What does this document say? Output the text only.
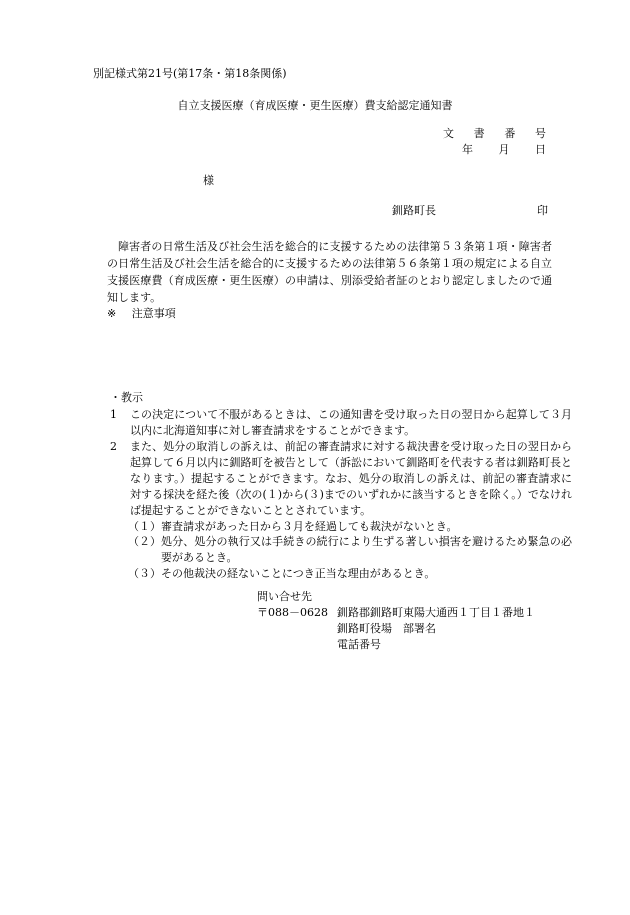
別記様式第21号(第17条・第18条関係)
自立支援医療（育成医療・更生医療）費支給認定通知書
文 書 番 号
年 月 日
様
釧路町長	印

障害者の日常生活及び社会生活を総合的に支援するための法律第５３条第１項・障害者の日常生活及び社会生活を総合的に支援するための法律第５６条第１項の規定による自立支援医療費（育成医療・更生医療）の申請は、別添受給者証のとおり認定しましたので通知します。

※ 注意事項
・教示
1	この決定について不服があるときは、この通知書を受け取った日の翌日から起算して３月以内に北海道知事に対し審査請求をすることができます。
2	また、処分の取消しの訴えは、前記の審査請求に対する裁決書を受け取った日の翌日から起算して６月以内に釧路町を被告として（訴訟において釧路町を代表する者は釧路町長となります。）提起することができます。なお、処分の取消しの訴えは、前記の審査請求に対する採決を経た後（次の(１)から(３)までのいずれかに該当するときを除く。）でなければ提起することができないこととされています。
（１） 審査請求があった日から３月を経過しても裁決がないとき。
（２） 処分、処分の執行又は手続きの続行により生ずる著しい損害を避けるため緊急の必要があるとき。
（３） その他裁決の経ないことにつき正当な理由があるとき。
問い合せ先
〒088－0628 釧路郡釧路町東陽大通西１丁目１番地１
釧路町役場　部署名
電話番号
